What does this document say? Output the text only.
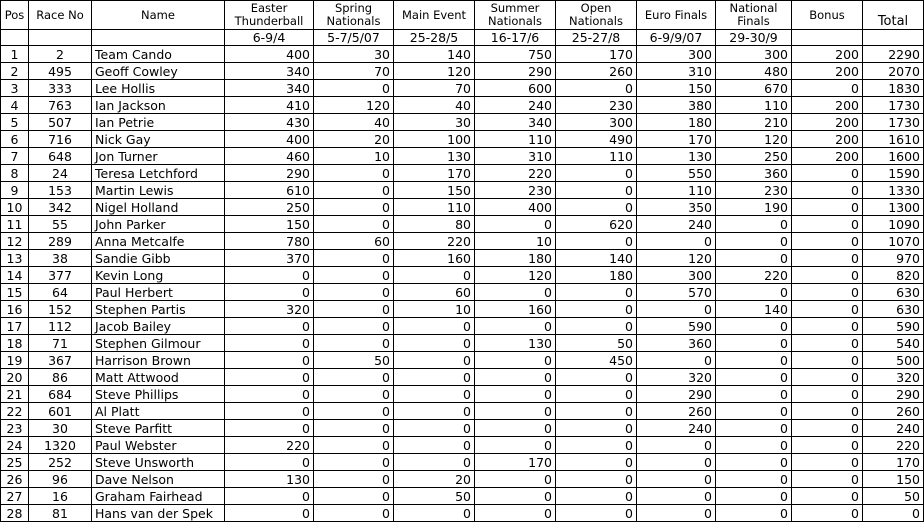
Pos	Race No	Name	Easter Thunderball	Spring Nationals	Main Event	Summer Nationals	Open Nationals	Euro Finals	National Finals	Bonus	Total
			6-9/4	5-7/5/07	25-28/5	16-17/6	25-27/8	6-9/9/07	29-30/9		
1	2	Team Cando	400	30	140	750	170	300	300	200	2290
2	495	Geoff Cowley	340	70	120	290	260	310	480	200	2070
3	333	Lee Hollis	340	0	70	600	0	150	670	0	1830
4	763	Ian Jackson	410	120	40	240	230	380	110	200	1730
5	507	Ian Petrie	430	40	30	340	300	180	210	200	1730
6	716	Nick Gay	400	20	100	110	490	170	120	200	1610
7	648	Jon Turner	460	10	130	310	110	130	250	200	1600
8	24	Teresa Letchford	290	0	170	220	0	550	360	0	1590
9	153	Martin Lewis	610	0	150	230	0	110	230	0	1330
10	342	Nigel Holland	250	0	110	400	0	350	190	0	1300
11	55	John Parker	150	0	80	0	620	240	0	0	1090
12	289	Anna Metcalfe	780	60	220	10	0	0	0	0	1070
13	38	Sandie Gibb	370	0	160	180	140	120	0	0	970
14	377	Kevin Long	0	0	0	120	180	300	220	0	820
15	64	Paul Herbert	0	0	60	0	0	570	0	0	630
16	152	Stephen Partis	320	0	10	160	0	0	140	0	630
17	112	Jacob Bailey	0	0	0	0	0	590	0	0	590
18	71	Stephen Gilmour	0	0	0	130	50	360	0	0	540
19	367	Harrison Brown	0	50	0	0	450	0	0	0	500
20	86	Matt Attwood	0	0	0	0	0	320	0	0	320
21	684	Steve Phillips	0	0	0	0	0	290	0	0	290
22	601	Al Platt	0	0	0	0	0	260	0	0	260
23	30	Steve Parfitt	0	0	0	0	0	240	0	0	240
24	1320	Paul Webster	220	0	0	0	0	0	0	0	220
25	252	Steve Unsworth	0	0	0	170	0	0	0	0	170
26	96	Dave Nelson	130	0	20	0	0	0	0	0	150
27	16	Graham Fairhead	0	0	50	0	0	0	0	0	50
28	81	Hans van der Spek	0	0	0	0	0	0	0	0	0
